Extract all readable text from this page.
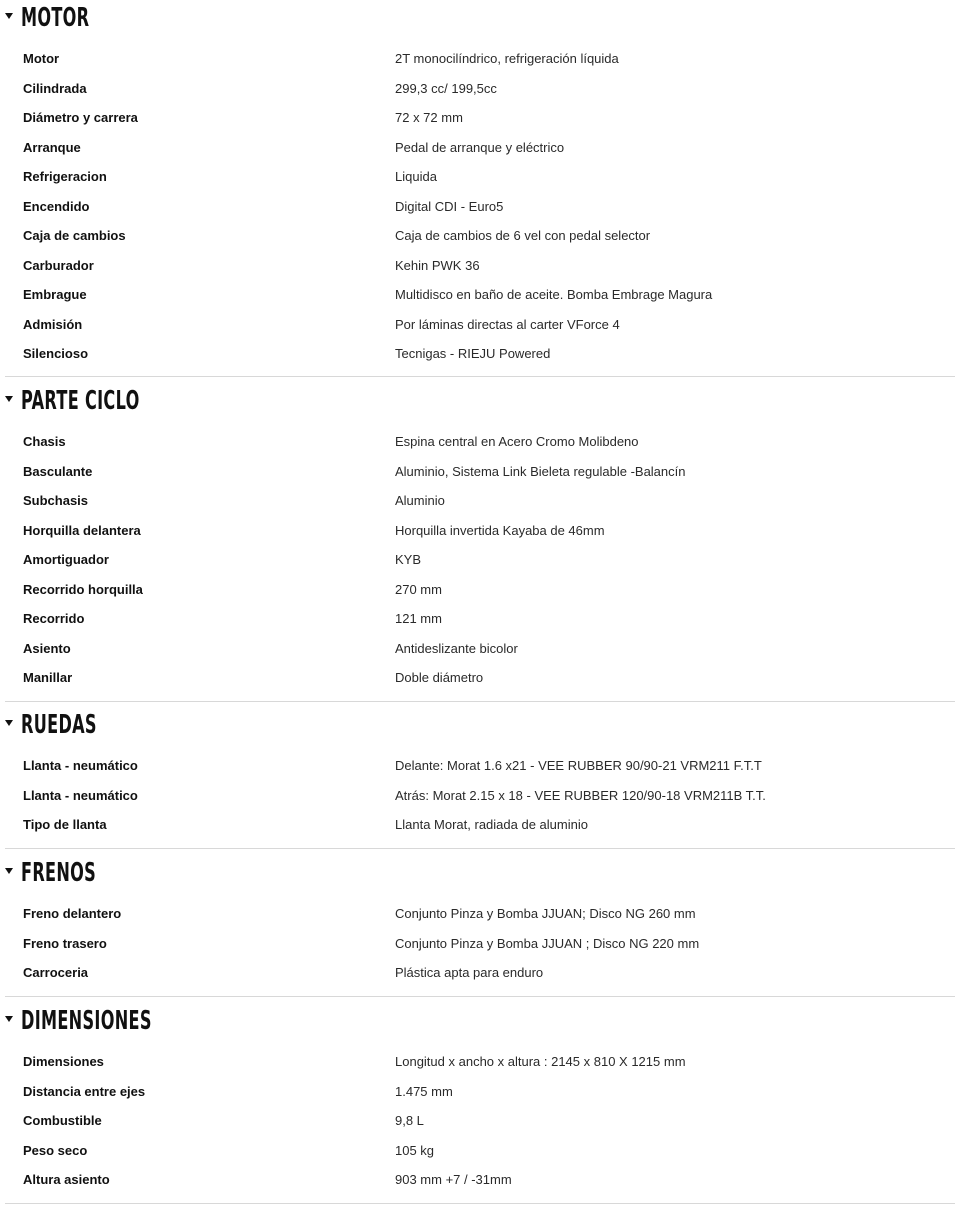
MOTOR
Motor	2T monocilíndrico, refrigeración líquida
Cilindrada	299,3 cc/ 199,5cc
Diámetro y carrera	72 x 72 mm
Arranque	Pedal de arranque y eléctrico
Refrigeracion	Liquida
Encendido	Digital CDI - Euro5
Caja de cambios	Caja de cambios de 6 vel con pedal selector
Carburador	Kehin PWK 36
Embrague	Multidisco en baño de aceite. Bomba Embrage Magura
Admisión	Por láminas directas al carter VForce 4
Silencioso	Tecnigas - RIEJU Powered
PARTE CICLO
Chasis	Espina central en Acero Cromo Molibdeno
Basculante	Aluminio, Sistema Link Bieleta regulable -Balancín
Subchasis	Aluminio
Horquilla delantera	Horquilla invertida Kayaba de 46mm
Amortiguador	KYB
Recorrido horquilla	270 mm
Recorrido	121 mm
Asiento	Antideslizante bicolor
Manillar	Doble diámetro
RUEDAS
Llanta - neumático	Delante: Morat 1.6 x21 - VEE RUBBER 90/90-21 VRM211 F.T.T
Llanta - neumático	Atrás: Morat 2.15 x 18 - VEE RUBBER 120/90-18 VRM211B T.T.
Tipo de llanta	Llanta Morat, radiada de aluminio
FRENOS
Freno delantero	Conjunto Pinza y Bomba JJUAN; Disco NG 260 mm
Freno trasero	Conjunto Pinza y Bomba JJUAN ; Disco NG 220 mm
Carroceria	Plástica apta para enduro
DIMENSIONES
Dimensiones	Longitud x ancho x altura : 2145 x 810 X 1215 mm
Distancia entre ejes	1.475 mm
Combustible	9,8 L
Peso seco	105 kg
Altura asiento	903 mm +7 / -31mm
